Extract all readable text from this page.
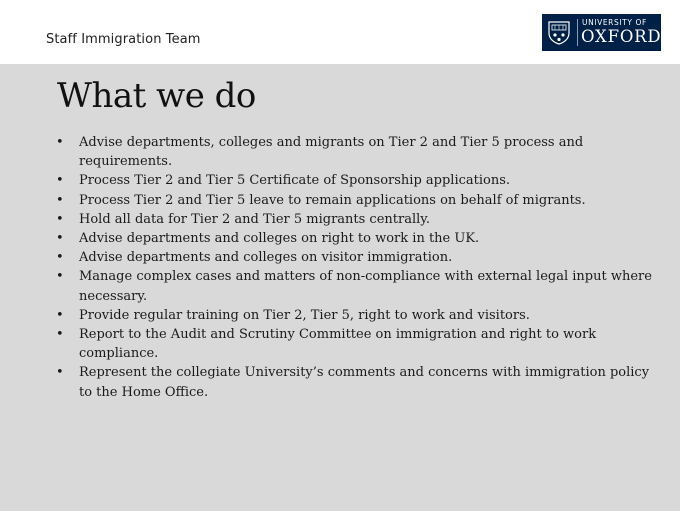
Staff Immigration Team
UNIVERSITY OF
OXFORD
What we do
• Advise departments, colleges and migrants on Tier 2 and Tier 5 process and requirements.
• Process Tier 2 and Tier 5 Certificate of Sponsorship applications.
• Process Tier 2 and Tier 5 leave to remain applications on behalf of migrants.
• Hold all data for Tier 2 and Tier 5 migrants centrally.
• Advise departments and colleges on right to work in the UK.
• Advise departments and colleges on visitor immigration.
• Manage complex cases and matters of non-compliance with external legal input where necessary.
• Provide regular training on Tier 2, Tier 5, right to work and visitors.
• Report to the Audit and Scrutiny Committee on immigration and right to work compliance.
• Represent the collegiate University’s comments and concerns with immigration policy to the Home Office.
